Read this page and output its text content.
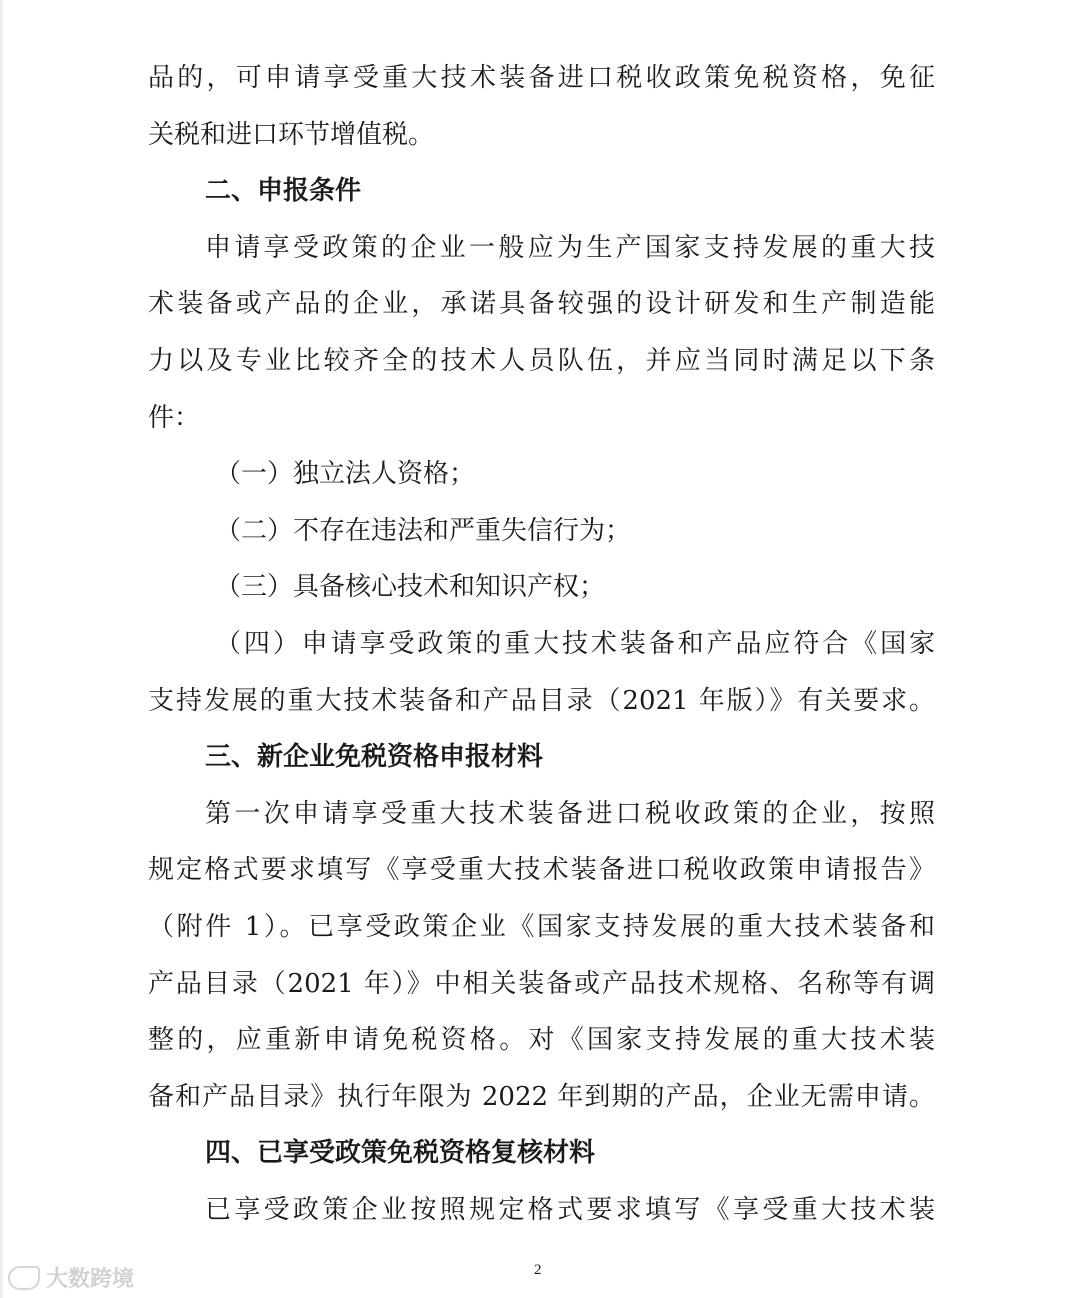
品的，可申请享受重大技术装备进口税收政策免税资格，免征
关税和进口环节增值税。
二、申报条件
申请享受政策的企业一般应为生产国家支持发展的重大技
术装备或产品的企业，承诺具备较强的设计研发和生产制造能
力以及专业比较齐全的技术人员队伍，并应当同时满足以下条
件：
（一）独立法人资格；
（二）不存在违法和严重失信行为；
（三）具备核心技术和知识产权；
（四）申请享受政策的重大技术装备和产品应符合《国家
支持发展的重大技术装备和产品目录（2021 年版）》有关要求。
三、新企业免税资格申报材料
第一次申请享受重大技术装备进口税收政策的企业，按照
规定格式要求填写《享受重大技术装备进口税收政策申请报告》
（附件 1）。已享受政策企业《国家支持发展的重大技术装备和
产品目录（2021 年）》中相关装备或产品技术规格、名称等有调
整的，应重新申请免税资格。对《国家支持发展的重大技术装
备和产品目录》执行年限为 2022 年到期的产品，企业无需申请。
四、已享受政策免税资格复核材料
已享受政策企业按照规定格式要求填写《享受重大技术装
大数跨境	2
